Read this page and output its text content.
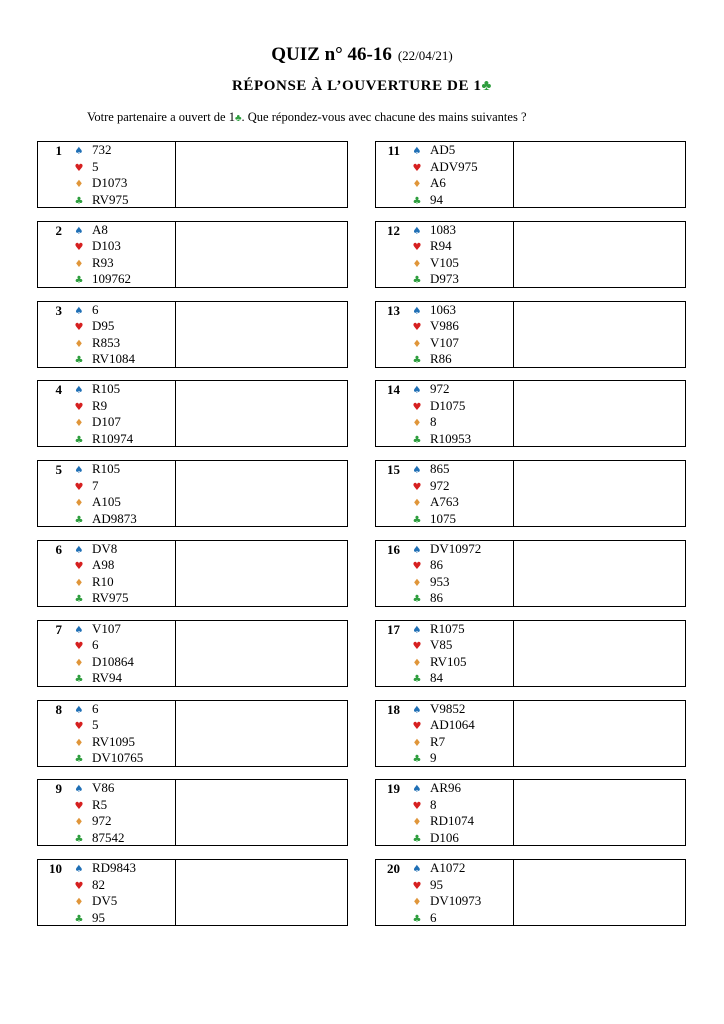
QUIZ n° 46-16 (22/04/21)
RÉPONSE À L’OUVERTURE DE 1♣
Votre partenaire a ouvert de 1♣. Que répondez-vous avec chacune des mains suivantes ?
1	♠ 732
♥ 5
♦ D1073
♣ RV975
2	♠ A8
♥ D103
♦ R93
♣ 109762
3	♠ 6
♥ D95
♦ R853
♣ RV1084
4	♠ R105
♥ R9
♦ D107
♣ R10974
5	♠ R105
♥ 7
♦ A105
♣ AD9873
6	♠ DV8
♥ A98
♦ R10
♣ RV975
7	♠ V107
♥ 6
♦ D10864
♣ RV94
8	♠ 6
♥ 5
♦ RV1095
♣ DV10765
9	♠ V86
♥ R5
♦ 972
♣ 87542
10	♠ RD9843
♥ 82
♦ DV5
♣ 95
11	♠ AD5
♥ ADV975
♦ A6
♣ 94
12	♠ 1083
♥ R94
♦ V105
♣ D973
13	♠ 1063
♥ V986
♦ V107
♣ R86
14	♠ 972
♥ D1075
♦ 8
♣ R10953
15	♠ 865
♥ 972
♦ A763
♣ 1075
16	♠ DV10972
♥ 86
♦ 953
♣ 86
17	♠ R1075
♥ V85
♦ RV105
♣ 84
18	♠ V9852
♥ AD1064
♦ R7
♣ 9
19	♠ AR96
♥ 8
♦ RD1074
♣ D106
20	♠ A1072
♥ 95
♦ DV10973
♣ 6
